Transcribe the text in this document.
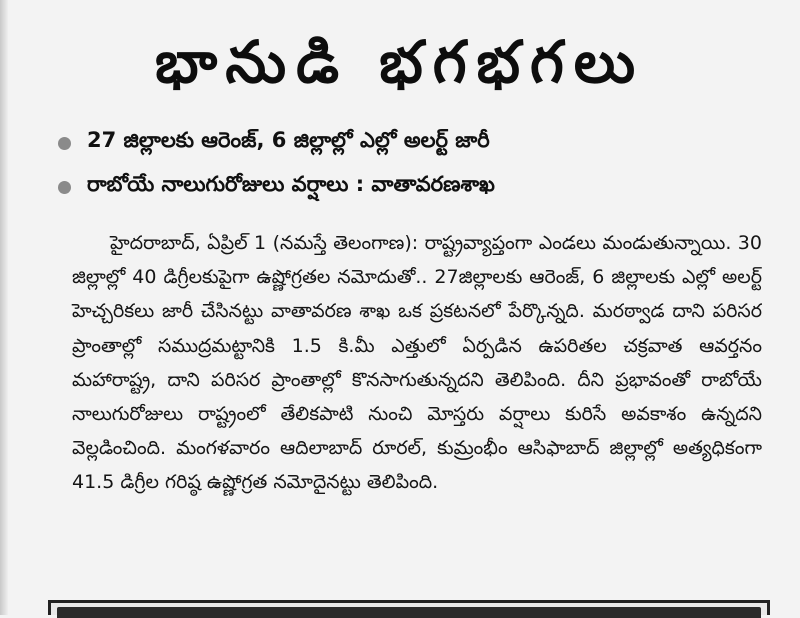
భానుడి భగభగలు
27 జిల్లాలకు ఆరెంజ్, 6 జిల్లాల్లో ఎల్లో అలర్ట్ జారీ
రాబోయే నాలుగురోజులు వర్షాలు : వాతావరణశాఖ
హైదరాబాద్, ఏప్రిల్ 1 (నమస్తే తెలంగాణ): రాష్ట్రవ్యాప్తంగా ఎండలు మండుతున్నాయి. 30 జిల్లాల్లో 40 డిగ్రీలకుపైగా ఉష్ణోగ్రతల నమోదుతో.. 27జిల్లాలకు ఆరెంజ్, 6 జిల్లాలకు ఎల్లో అలర్ట్ హెచ్చరికలు జారీ చేసినట్టు వాతావరణ శాఖ ఒక ప్రకటనలో పేర్కొన్నది. మరఠ్వాడ దాని పరిసర ప్రాంతాల్లో సముద్రమట్టానికి 1.5 కి.మీ ఎత్తులో ఏర్పడిన ఉపరితల చక్రవాత ఆవర్తనం మహారాష్ట్ర, దాని పరిసర ప్రాంతాల్లో కొనసాగుతున్నదని తెలిపింది. దీని ప్రభావంతో రాబోయే నాలుగురోజులు రాష్ట్రంలో తేలికపాటి నుంచి మోస్తరు వర్షాలు కురిసే అవకాశం ఉన్నదని వెల్లడించింది. మంగళవారం ఆదిలాబాద్ రూరల్, కుమ్రంభీం ఆసిఫాబాద్ జిల్లాల్లో అత్యధికంగా 41.5 డిగ్రీల గరిష్ఠ ఉష్ణోగ్రత నమోదైనట్టు తెలిపింది.
